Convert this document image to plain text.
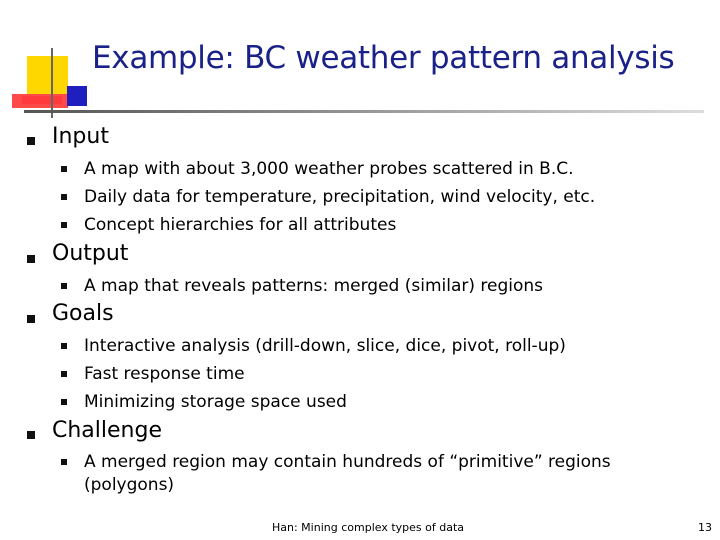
Example: BC weather pattern analysis
Input
A map with about 3,000 weather probes scattered in B.C.
Daily data for temperature, precipitation, wind velocity, etc.
Concept hierarchies for all attributes
Output
A map that reveals patterns: merged (similar) regions
Goals
Interactive analysis (drill-down, slice, dice, pivot, roll-up)
Fast response time
Minimizing storage space used
Challenge
A merged region may contain hundreds of “primitive” regions
(polygons)
Han: Mining complex types of data	13
